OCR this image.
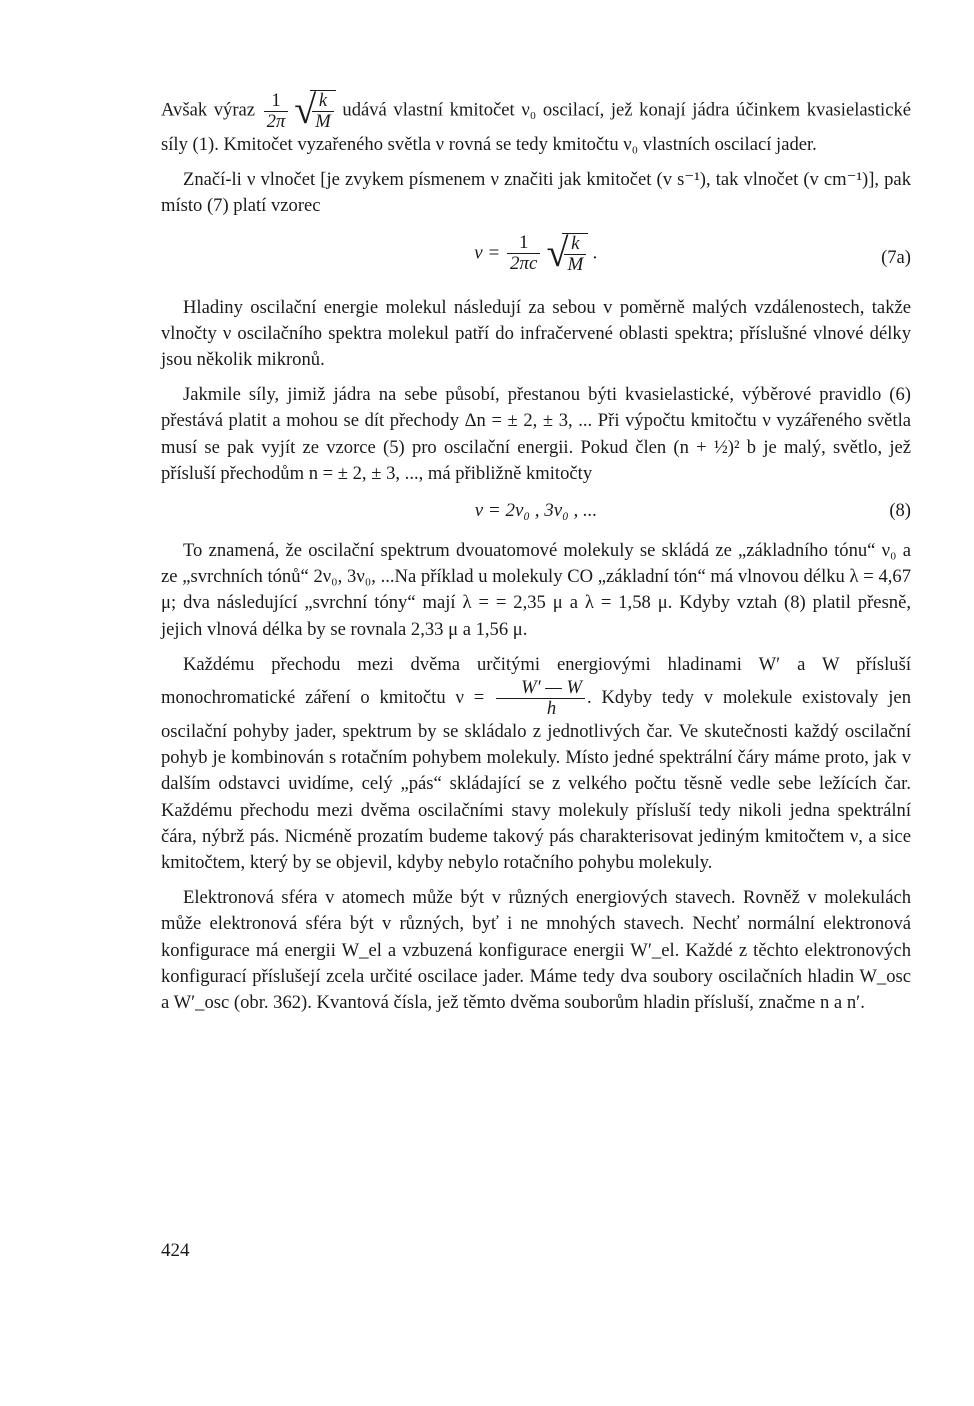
Avšak výraz $\frac{1}{2\pi}$ √
$\frac{k}{M}$ udává vlastní kmitočet ν₀ oscilací, jež konají jádra účinkem kvasielastické síly (1). Kmitočet vyzařeného světla ν rovná se tedy kmitočtu ν₀ vlastních oscilací jader.

Značí-li ν vlnočet [je zvykem písmenem ν značiti jak kmitočet (v s⁻¹), tak vlnočet (v cm⁻¹)], pak místo (7) platí vzorec

$\nu = \frac{1}{2\pi c}$ √
$\frac{k}{M}$ .	(7a)

Hladiny oscilační energie molekul následují za sebou v poměrně malých vzdálenostech, takže vlnočty ν oscilačního spektra molekul patří do infračervené oblasti spektra; příslušné vlnové délky jsou několik mikronů.

Jakmile síly, jimiž jádra na sebe působí, přestanou býti kvasielastické, výběrové pravidlo (6) přestává platit a mohou se dít přechody Δn = ± 2, ± 3, ... Při výpočtu kmitočtu ν vyzářeného světla musí se pak vyjít ze vzorce (5) pro oscilační energii. Pokud člen (n + ½)² b je malý, světlo, jež přísluší přechodům n = ± 2, ± 3, ..., má přibližně kmitočty

ν = 2ν₀ , 3ν₀ , ...	(8)

To znamená, že oscilační spektrum dvouatomové molekuly se skládá ze „základního tónu“ ν₀ a ze „svrchních tónů“ 2ν₀, 3ν₀, ...Na příklad u molekuly CO „základní tón“ má vlnovou délku λ = 4,67 μ; dva následující „svrchní tóny“ mají λ = = 2,35 μ a λ = 1,58 μ. Kdyby vztah (8) platil přesně, jejich vlnová délka by se rovnala 2,33 μ a 1,56 μ.

Každému přechodu mezi dvěma určitými energiovými hladinami W′ a W přísluší monochromatické záření o kmitočtu $\nu = \frac{W' — W}{h}$ . Kdyby tedy v molekule existovaly jen oscilační pohyby jader, spektrum by se skládalo z jednotlivých čar. Ve skutečnosti každý oscilační pohyb je kombinován s rotačním pohybem molekuly. Místo jedné spektrální čáry máme proto, jak v dalším odstavci uvidíme, celý „pás“ skládající se z velkého počtu těsně vedle sebe ležících čar. Každému přechodu mezi dvěma oscilačními stavy molekuly přísluší tedy nikoli jedna spektrální čára, nýbrž pás. Nicméně prozatím budeme takový pás charakterisovat jediným kmitočtem ν, a sice kmitočtem, který by se objevil, kdyby nebylo rotačního pohybu molekuly.

Elektronová sféra v atomech může být v různých energiových stavech. Rovněž v molekulách může elektronová sféra být v různých, byť i ne mnohých stavech. Nechť normální elektronová konfigurace má energii W_el a vzbuzená konfigurace energii W′_el. Každé z těchto elektronových konfigurací příslušejí zcela určité oscilace jader. Máme tedy dva soubory oscilačních hladin W_osc a W′_osc (obr. 362). Kvantová čísla, jež těmto dvěma souborům hladin přísluší, značme n a n′.

424
